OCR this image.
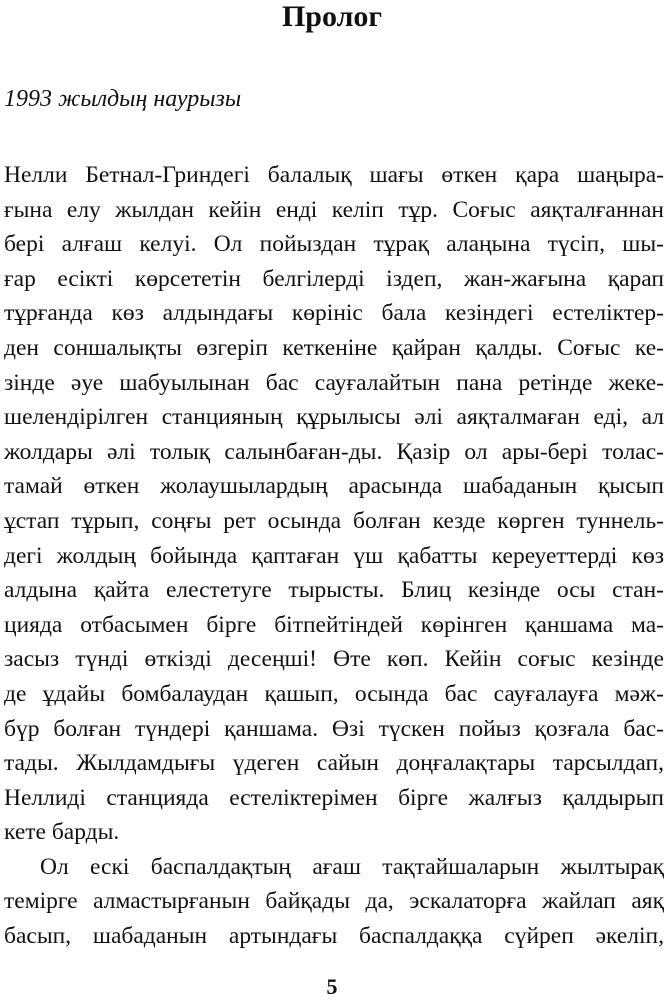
Пролог

1993 жылдың наурызы

Нелли Бетнал-Гриндегі балалық шағы өткен қара шаңыра-
ғына елу жылдан кейін енді келіп тұр. Соғыс аяқталғаннан
бері алғаш келуі. Ол пойыздан тұрақ алаңына түсіп, шы-
ғар есікті көрсететін белгілерді іздеп, жан-жағына қарап
тұрғанда көз алдындағы көрініс бала кезіндегі естеліктер-
ден соншалықты өзгеріп кеткеніне қайран қалды. Соғыс ке-
зінде әуе шабуылынан бас сауғалайтын пана ретінде жеке-
шелендірілген станцияның құрылысы әлі аяқталмаған еді, ал
жолдары әлі толық салынбаған-ды. Қазір ол ары-бері толас-
тамай өткен жолаушылардың арасында шабаданын қысып
ұстап тұрып, соңғы рет осында болған кезде көрген туннель-
дегі жолдың бойында қаптаған үш қабатты кереуеттерді көз
алдына қайта елестетуге тырысты. Блиц кезінде осы стан-
цияда отбасымен бірге бітпейтіндей көрінген қаншама ма-
засыз түнді өткізді десеңші! Өте көп. Кейін соғыс кезінде
де ұдайы бомбалаудан қашып, осында бас сауғалауға мәж-
бүр болған түндері қаншама. Өзі түскен пойыз қозғала бас-
тады. Жылдамдығы үдеген сайын доңғалақтары тарсылдап,
Неллиді станцияда естеліктерімен бірге жалғыз қалдырып
кете барды.
Ол ескі баспалдақтың ағаш тақтайшаларын жылтырақ
темірге алмастырғанын байқады да, эскалаторға жайлап аяқ
басып, шабаданын артындағы баспалдаққа сүйреп әкеліп,
5
